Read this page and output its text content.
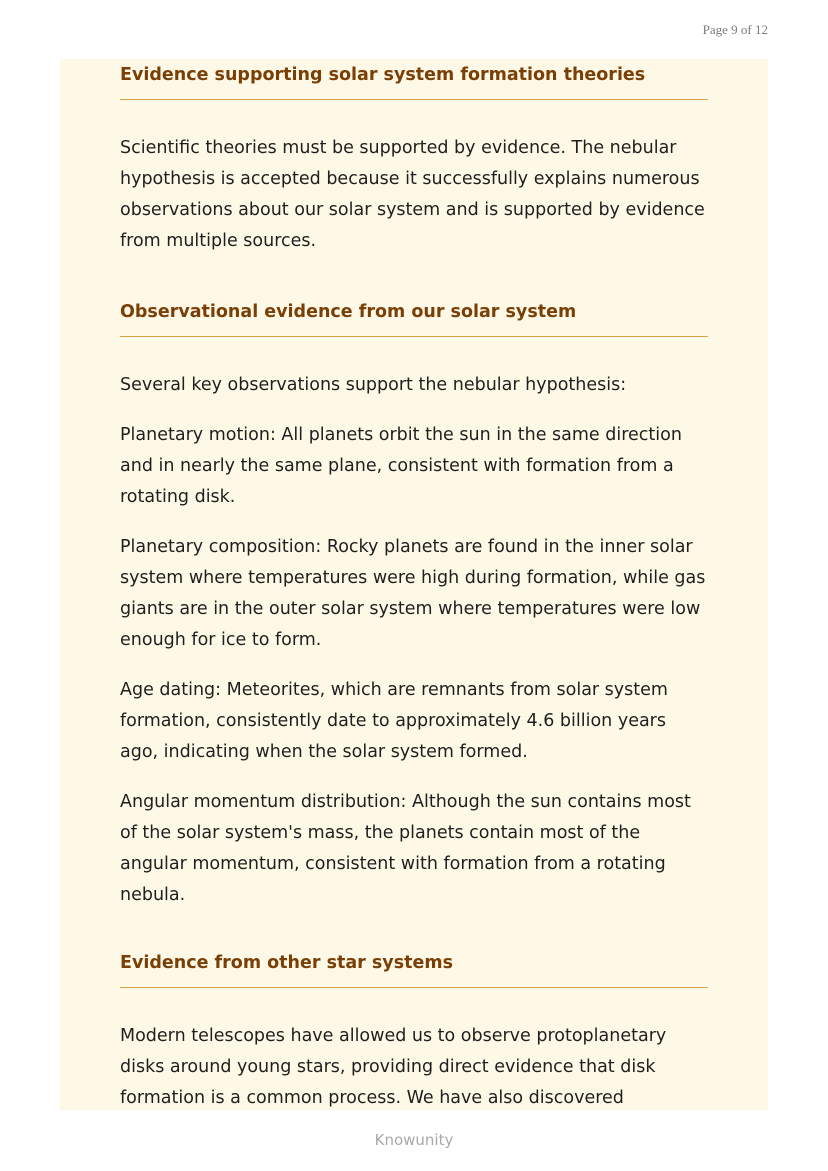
Page 9 of 12

Evidence supporting solar system formation theories

Scientific theories must be supported by evidence. The nebular hypothesis is accepted because it successfully explains numerous observations about our solar system and is supported by evidence from multiple sources.

Observational evidence from our solar system

Several key observations support the nebular hypothesis:

Planetary motion: All planets orbit the sun in the same direction and in nearly the same plane, consistent with formation from a rotating disk.

Planetary composition: Rocky planets are found in the inner solar system where temperatures were high during formation, while gas giants are in the outer solar system where temperatures were low enough for ice to form.

Age dating: Meteorites, which are remnants from solar system formation, consistently date to approximately 4.6 billion years ago, indicating when the solar system formed.

Angular momentum distribution: Although the sun contains most of the solar system's mass, the planets contain most of the angular momentum, consistent with formation from a rotating nebula.

Evidence from other star systems

Modern telescopes have allowed us to observe protoplanetary disks around young stars, providing direct evidence that disk formation is a common process. We have also discovered

Knowunity
